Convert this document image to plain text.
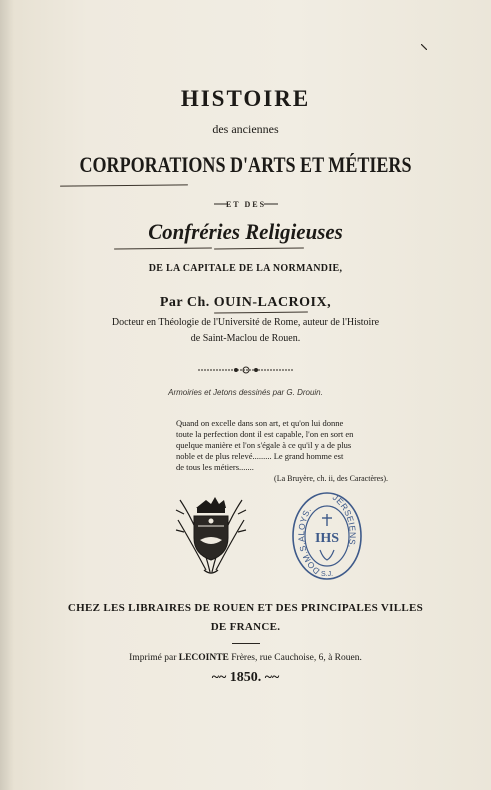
HISTOIRE
des anciennes
CORPORATIONS D'ARTS ET MÉTIERS
ET DES
Confréries Religieuses
DE LA CAPITALE DE LA NORMANDIE,
Par Ch. OUIN-LACROIX,
Docteur en Théologie de l'Université de Rome, auteur de l'Histoire
de Saint-Maclou de Rouen.
Armoiries et Jetons dessinés par G. Drouin.
Quand on excelle dans son art, et qu'on lui donne
toute la perfection dont il est capable, l'on en sort en
quelque manière et l'on s'égale à ce qu'il y a de plus
noble et de plus relevé......... Le grand homme est
de tous les métiers.......
(La Bruyère, ch. ii, des Caractères).
DOM.S.ALOYS.
JERSEIENS.
S.J.
IHS
CHEZ LES LIBRAIRES DE ROUEN ET DES PRINCIPALES VILLES
DE FRANCE.
Imprimé par LECOINTE Frères, rue Cauchoise, 6, à Rouen.
~~ 1850. ~~
